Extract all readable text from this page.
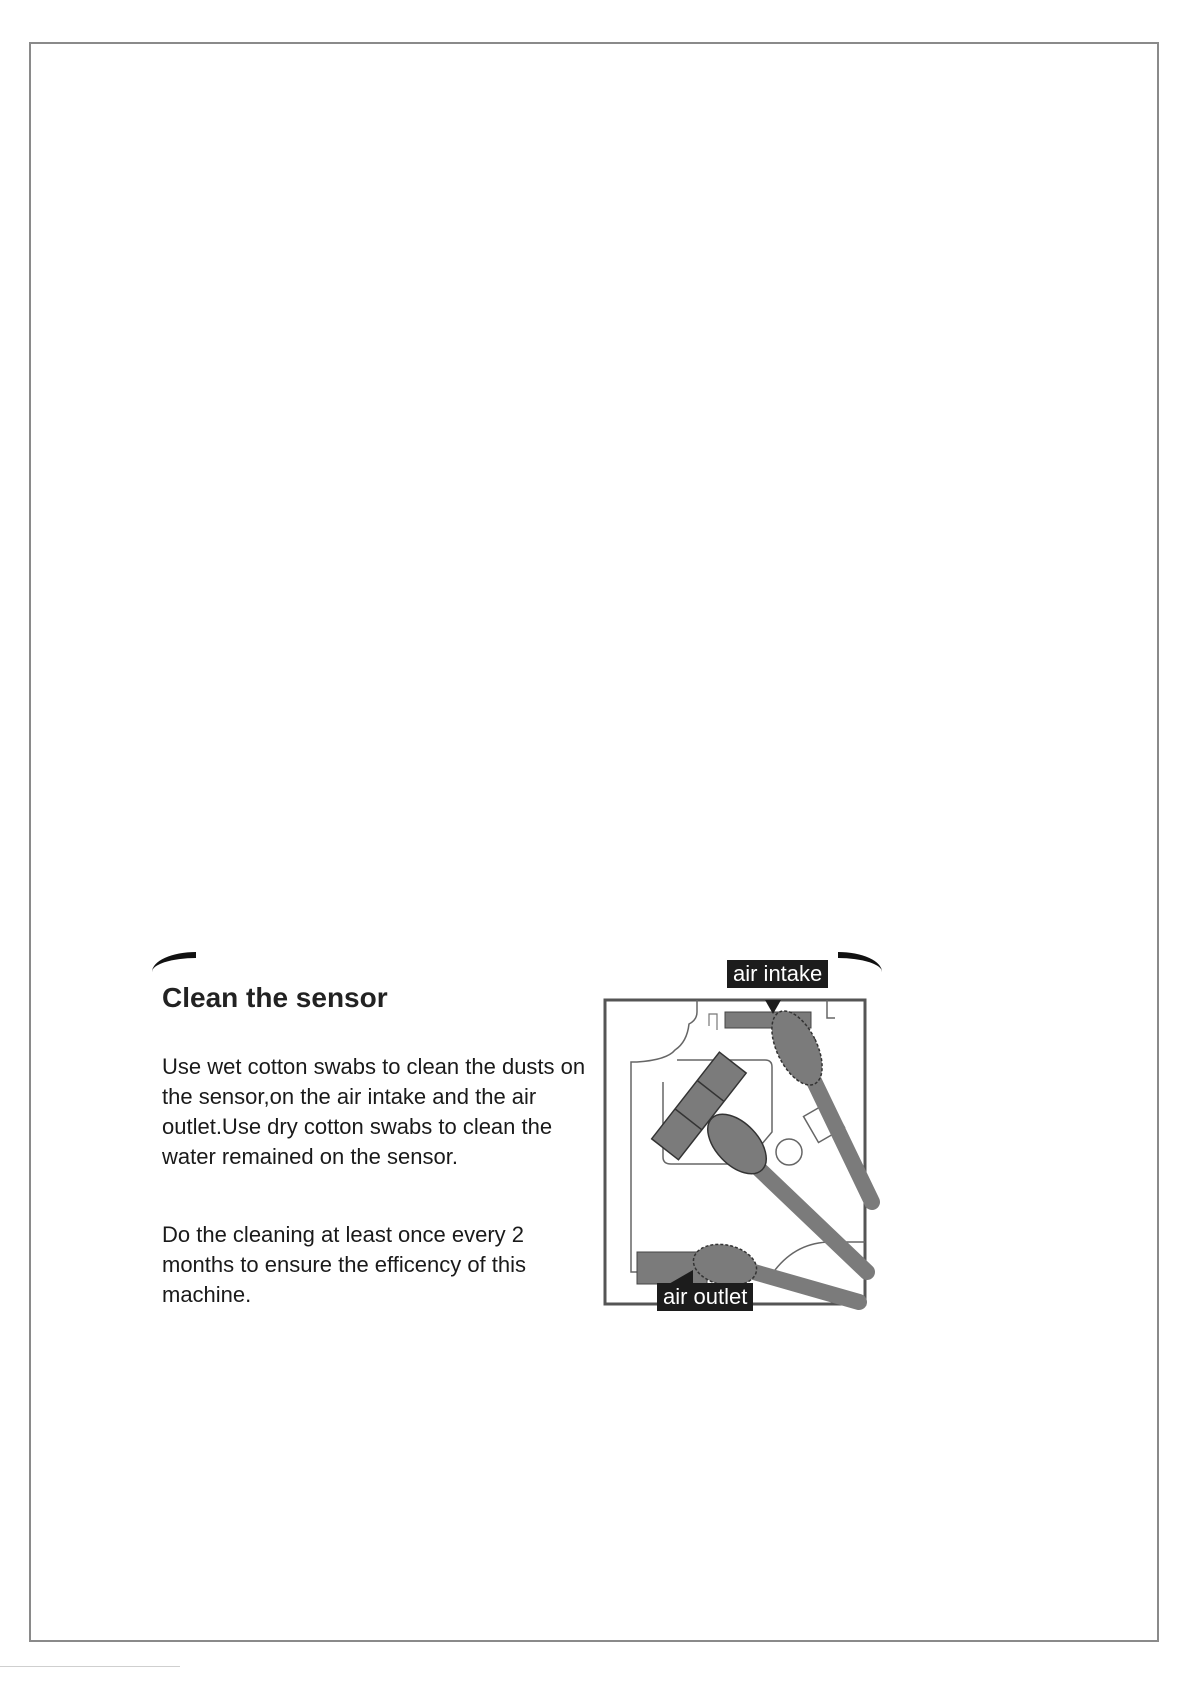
Clean the sensor

Use wet cotton swabs to clean the dusts on the sensor,on the air intake and the air outlet.Use dry cotton swabs to clean the water remained on the sensor.

Do the cleaning at least once every 2 months to ensure the efficency of this machine.

air intake
air outlet
